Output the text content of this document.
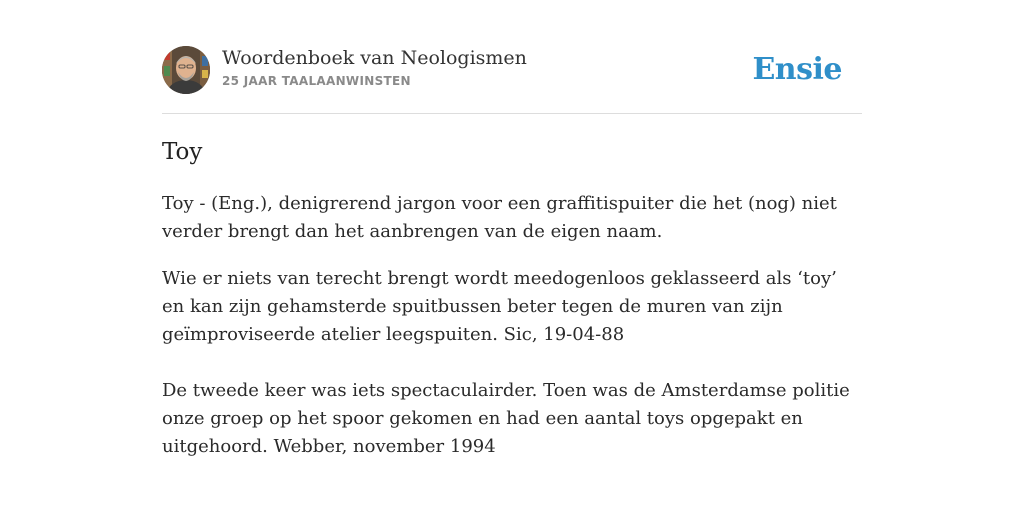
Woordenboek van Neologismen
25 JAAR TAALAANWINSTEN	Ensie
Toy

Toy - (Eng.), denigrerend jargon voor een graffitispuiter die het (nog) niet verder brengt dan het aanbrengen van de eigen naam.

Wie er niets van terecht brengt wordt meedogenloos geklasseerd als ‘toy’ en kan zijn gehamsterde spuitbussen beter tegen de muren van zijn geïmproviseerde atelier leegspuiten. Sic, 19-04-88

De tweede keer was iets spectaculairder. Toen was de Amsterdamse politie onze groep op het spoor gekomen en had een aantal toys opgepakt en uitgehoord. Webber, november 1994
